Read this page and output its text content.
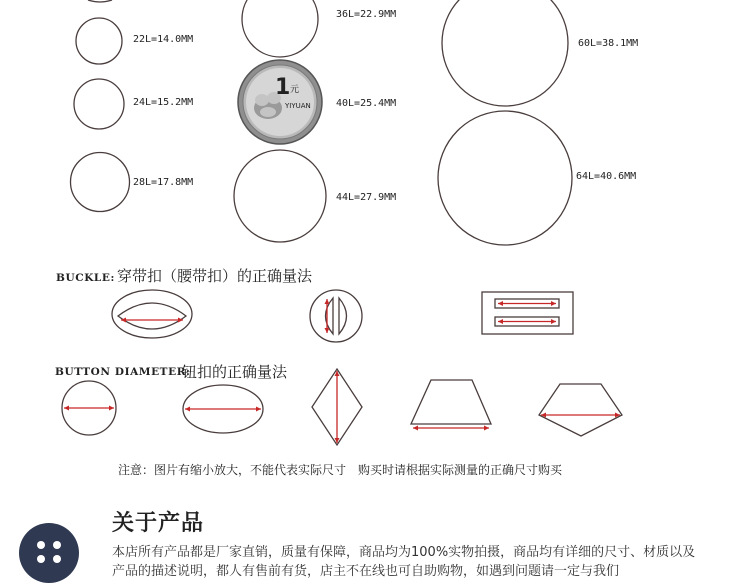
22L=14.0MM
24L=15.2MM
28L=17.8MM
36L=22.9MM
1 元
YIYUAN	40L=25.4MM
44L=27.9MM
60L=38.1MM
64L=40.6MM
BUCKLE: 穿带扣（腰带扣）的正确量法
BUTTON DIAMETER:
钮扣的正确量法
注意：图片有缩小放大，不能代表实际尺寸　购买时请根据实际测量的正确尺寸购买
关于产品
本店所有产品都是厂家直销，质量有保障，商品均为100%实物拍摄，商品均有详细的尺寸、材质以及产品的描述说明，都人有售前有货，店主不在线也可自助购物，如遇到问题请一定与我们
